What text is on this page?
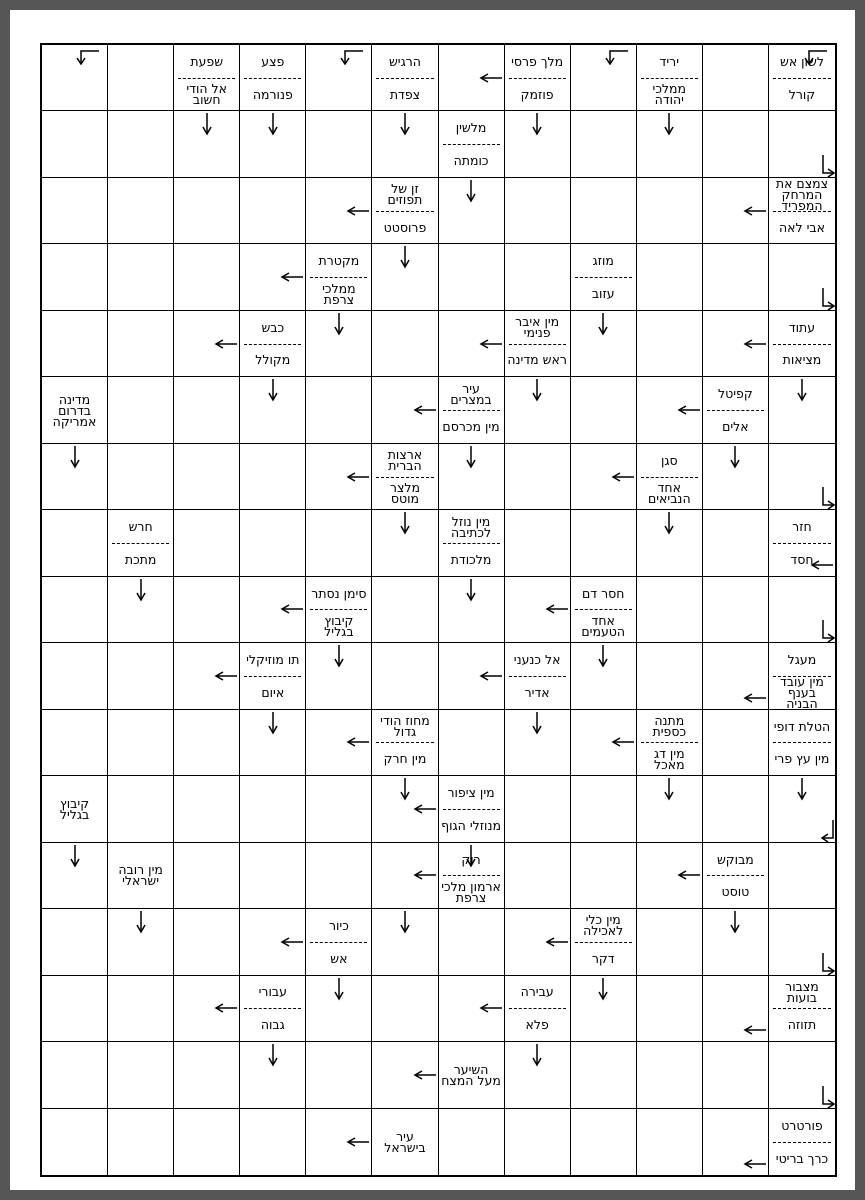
שפעת
אל הודי חשוב
פצע
פנורמה
הרגיש
צפדת
מלך פרסי
פוזמק
יריד
ממלכי יהודה
לשון אש
קורל
מלשין
כומתה
זן של תפוזים
פרוסטט
צמצם את המרחק המפריד
אבי לאה
מקטרת
ממלכי צרפת
מוזג
עזוב
כבש
מקולל
מין איבר פנימי
ראש מדינה
עתוד
מציאות
מדינה בדרום אמריקה
עיר במצרים
מין מכרסם
קפיטל
אלים
ארצות הברית
מלצר מוטס
סגן
אחד הנביאים
חרש
מתכת
מין נוזל לכתיבה
מלכודת
חזר
חסד
סימן נסתר
קיבוץ בגליל
חסר דם
אחד הטעמים
תו מוזיקלי
איום
אל כנעני
אדיר
מעגל
מין עובד בענף הבניה
מחוז הודי גדול
מין חרק
מתנה כספית
מין דג מאכל
הטלת דופי
מין עץ פרי
קיבוץ בגליל
מין ציפור
מנוזלי הגוף
מין רובה ישראלי
רוק
ארמון מלכי צרפת
מבוקש
טוסט
כיור
אש
מין כלי לאכילה
דקר
עבורי
גבוה
עבירה
פלא
מצבור בועות
תזוזה
השיער מעל המצח
עיר בישראל
פורטרט
כרך בריטי
